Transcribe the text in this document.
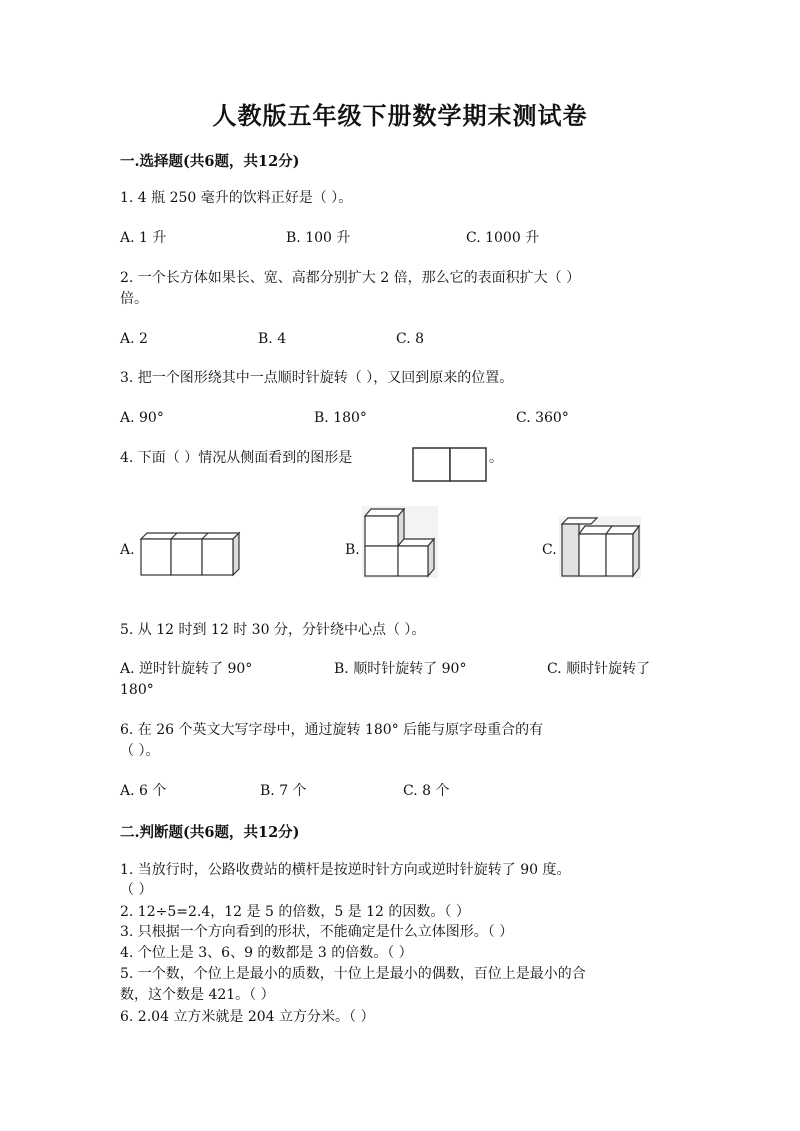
人教版五年级下册数学期末测试卷
一.选择题(共6题，共12分)
1. 4 瓶 250 毫升的饮料正好是（ ）。
A. 1 升	B. 100 升	C. 1000 升
2. 一个长方体如果长、宽、高都分别扩大 2 倍，那么它的表面积扩大（ ）
倍。
A. 2	B. 4	C. 8
3. 把一个图形绕其中一点顺时针旋转（ ），又回到原来的位置。
A. 90°	B. 180°	C. 360°
4. 下面（ ）情况从侧面看到的图形是	。
A.	B.	C.
5. 从 12 时到 12 时 30 分，分针绕中心点（ ）。
A. 逆时针旋转了 90°	B. 顺时针旋转了 90°	C. 顺时针旋转了
180°
6. 在 26 个英文大写字母中，通过旋转 180° 后能与原字母重合的有
（ ）。
A. 6 个	B. 7 个	C. 8 个
二.判断题(共6题，共12分)
1. 当放行时，公路收费站的横杆是按逆时针方向或逆时针旋转了 90 度。
（ ）
2. 12÷5=2.4，12 是 5 的倍数，5 是 12 的因数。（ ）
3. 只根据一个方向看到的形状，不能确定是什么立体图形。（ ）
4. 个位上是 3、6、9 的数都是 3 的倍数。（ ）
5. 一个数，个位上是最小的质数，十位上是最小的偶数，百位上是最小的合
数，这个数是 421。（ ）
6. 2.04 立方米就是 204 立方分米。（ ）
